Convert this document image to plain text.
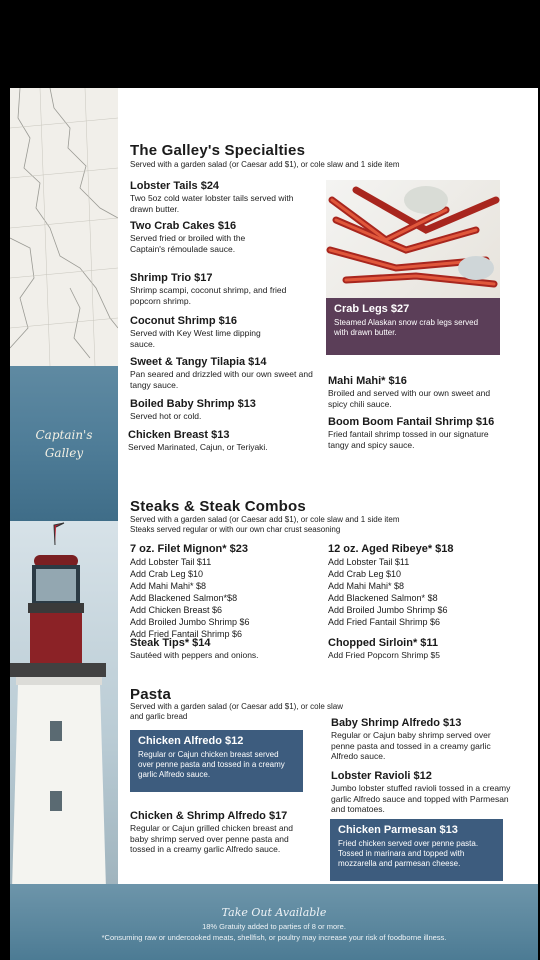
Captain's
Galley
The Galley's Specialties
Served with a garden salad (or Caesar add $1), or cole slaw and 1 side item
Lobster Tails $24
Two 5oz cold water lobster tails served with drawn butter.
Two Crab Cakes $16
Served fried or broiled with the Captain's rémoulade sauce.
Shrimp Trio $17
Shrimp scampi, coconut shrimp, and fried popcorn shrimp.
Coconut Shrimp $16
Served with Key West lime dipping sauce.
Sweet & Tangy Tilapia $14
Pan seared and drizzled with our own sweet and tangy sauce.
Boiled Baby Shrimp $13
Served hot or cold.
Chicken Breast $13
Served Marinated, Cajun, or Teriyaki.
Crab Legs $27
Steamed Alaskan snow crab legs served with drawn butter.
Mahi Mahi* $16
Broiled and served with our own sweet and spicy chili sauce.
Boom Boom Fantail Shrimp $16
Fried fantail shrimp tossed in our signature tangy and spicy sauce.
Steaks & Steak Combos
Served with a garden salad (or Caesar add $1), or cole slaw and 1 side item
Steaks served regular or with our own char crust seasoning
7 oz. Filet Mignon* $23
Add Lobster Tail $11
Add Crab Leg $10
Add Mahi Mahi* $8
Add Blackened Salmon*$8
Add Chicken Breast $6
Add Broiled Jumbo Shrimp $6
Add Fried Fantail Shrimp $6
12 oz. Aged Ribeye* $18
Add Lobster Tail $11
Add Crab Leg $10
Add Mahi Mahi* $8
Add Blackened Salmon* $8
Add Broiled Jumbo Shrimp $6
Add Fried Fantail Shrimp $6
Steak Tips* $14
Sautéed with peppers and onions.
Chopped Sirloin* $11
Add Fried Popcorn Shrimp $5
Pasta
Served with a garden salad (or Caesar add $1), or cole slaw and garlic bread
Chicken Alfredo $12
Regular or Cajun chicken breast served over penne pasta and tossed in a creamy garlic Alfredo sauce.
Chicken & Shrimp Alfredo $17
Regular or Cajun grilled chicken breast and baby shrimp served over penne pasta and tossed in a creamy garlic Alfredo sauce.
Baby Shrimp Alfredo $13
Regular or Cajun baby shrimp served over penne pasta and tossed in a creamy garlic Alfredo sauce.
Lobster Ravioli $12
Jumbo lobster stuffed ravioli tossed in a creamy garlic Alfredo sauce and topped with Parmesan and tomatoes.
Chicken Parmesan $13
Fried chicken served over penne pasta. Tossed in marinara and topped with mozzarella and parmesan cheese.
Take Out Available
18% Gratuity added to parties of 8 or more.
*Consuming raw or undercooked meats, shellfish, or poultry may increase your risk of foodborne illness.
